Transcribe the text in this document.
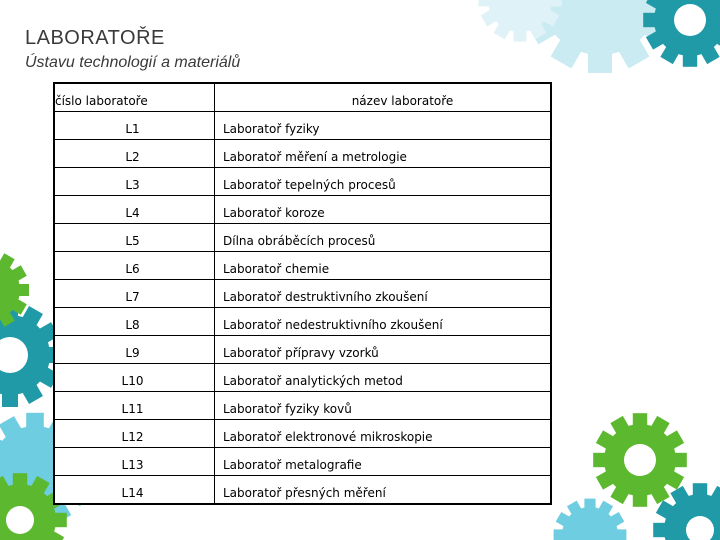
LABORATOŘE
Ústavu technologií a materiálů
číslo laboratoře	název laboratoře
L1	Laboratoř fyziky
L2	Laboratoř měření a metrologie
L3	Laboratoř tepelných procesů
L4	Laboratoř koroze
L5	Dílna obráběcích procesů
L6	Laboratoř chemie
L7	Laboratoř destruktivního zkoušení
L8	Laboratoř nedestruktivního zkoušení
L9	Laboratoř přípravy vzorků
L10	Laboratoř analytických metod
L11	Laboratoř fyziky kovů
L12	Laboratoř elektronové mikroskopie
L13	Laboratoř metalografie
L14	Laboratoř přesných měření
